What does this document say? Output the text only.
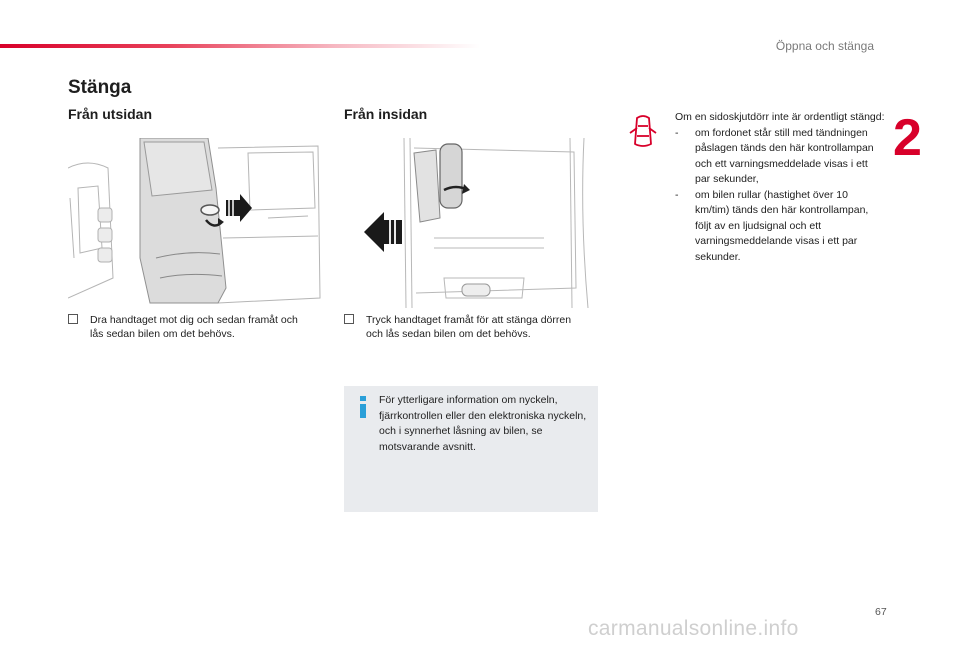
Öppna och stänga
2
Stänga
Från utsidan	Från insidan
Dra handtaget mot dig och sedan framåt och lås sedan bilen om det behövs.
Tryck handtaget framåt för att stänga dörren och lås sedan bilen om det behövs.
För ytterligare information om nyckeln, fjärrkontrollen eller den elektroniska nyckeln, och i synnerhet låsning av bilen, se motsvarande avsnitt.
Om en sidoskjutdörr inte är ordentligt stängd:
- om fordonet står still med tändningen påslagen tänds den här kontrollampan och ett varningsmeddelade visas i ett par sekunder,
- om bilen rullar (hastighet över 10 km/tim) tänds den här kontrollampan, följt av en ljudsignal och ett varningsmeddelande visas i ett par sekunder.
67
carmanualsonline.info
